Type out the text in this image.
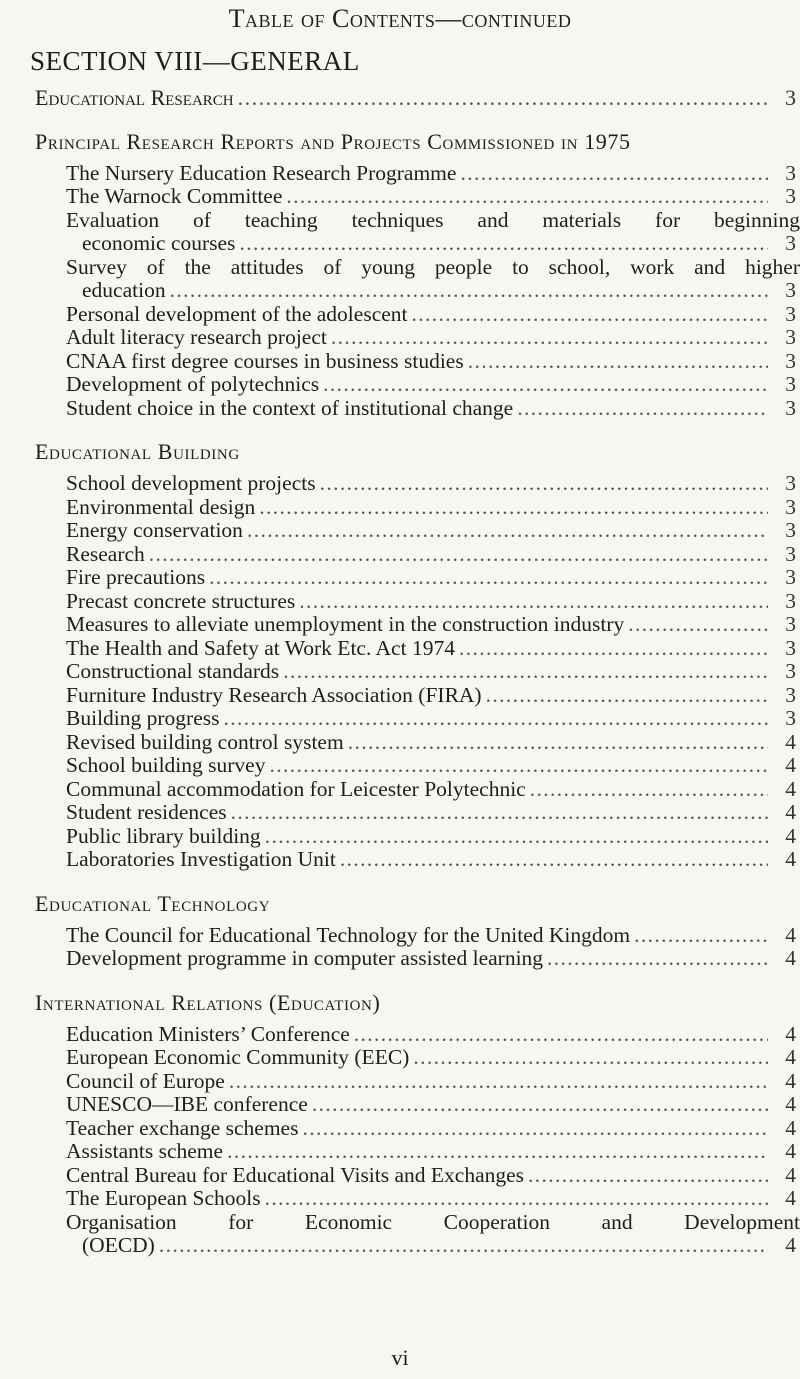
Table of Contents—continued
SECTION VIII—GENERAL
Educational Research . . .	3
Principal Research Reports and Projects Commissioned in 1975
The Nursery Education Research Programme . . .	3
The Warnock Committee . . .	3
Evaluation of teaching techniques and materials for beginning
economic courses . . .	3
Survey of the attitudes of young people to school, work and higher
education . . .	3
Personal development of the adolescent . . .	3
Adult literacy research project . . .	3
CNAA first degree courses in business studies . . .	3
Development of polytechnics . . .	3
Student choice in the context of institutional change . . .	3
Educational Building
School development projects . . .	3
Environmental design . . .	3
Energy conservation . . .	3
Research . . .	3
Fire precautions . . .	3
Precast concrete structures . . .	3
Measures to alleviate unemployment in the construction industry . . .	3
The Health and Safety at Work Etc. Act 1974 . . .	3
Constructional standards . . .	3
Furniture Industry Research Association (FIRA) . . .	3
Building progress . . .	3
Revised building control system . . .	4
School building survey . . .	4
Communal accommodation for Leicester Polytechnic . . .	4
Student residences . . .	4
Public library building . . .	4
Laboratories Investigation Unit . . .	4
Educational Technology
The Council for Educational Technology for the United Kingdom . . .	4
Development programme in computer assisted learning . . .	4
International Relations (Education)
Education Ministers’ Conference . . .	4
European Economic Community (EEC) . . .	4
Council of Europe . . .	4
UNESCO—IBE conference . . .	4
Teacher exchange schemes . . .	4
Assistants scheme . . .	4
Central Bureau for Educational Visits and Exchanges . . .	4
The European Schools . . .	4
Organisation for Economic Cooperation and Development
(OECD) . . .	4
vi
